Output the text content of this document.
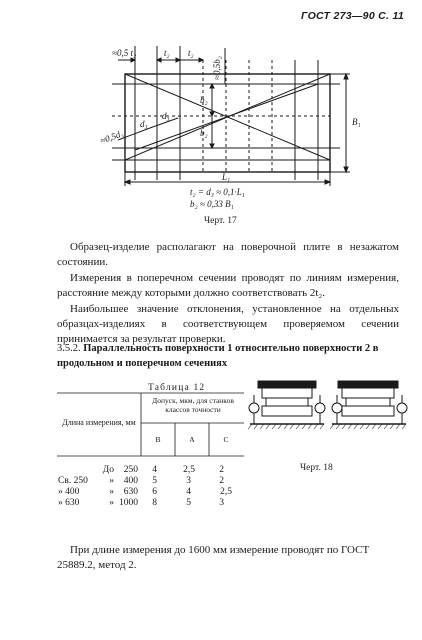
ГОСТ 273—90 С. 11
≈0,5 t₂	t₂ t₂
≈0,5b₂
≈0,5d₃
d₃
d₃
b₂
b₂
B₁
L₁
t₂ = d₃ ≈ 0,1·L₁
b₂ ≈ 0,33 B₁
Черт. 17
Образец-изделие располагают на поверочной плите в незажатом состоянии.
Измерения в поперечном сечении проводят по линиям измерения, расстояние между которыми должно соответствовать 2t₂.
Наибольшее значение отклонения, установленное на отдельных образцах-изделиях в соответствующем проверяемом сечении принимается за результат проверки.
3.5.2. Параллельность поверхности 1 относительно поверхности 2 в продольном и поперечном сечениях
Таблица 12
Длина измерения, мм
Допуск, мкм, для станков классов точности
В	А	С
До	250	4	2,5	2
Св. 250	»	400	5	3	2
» 400	»	630	6	4	2,5
» 630	» 1000	8	5	3
Черт. 18
При длине измерения до 1600 мм измерение проводят по ГОСТ 25889.2, метод 2.
